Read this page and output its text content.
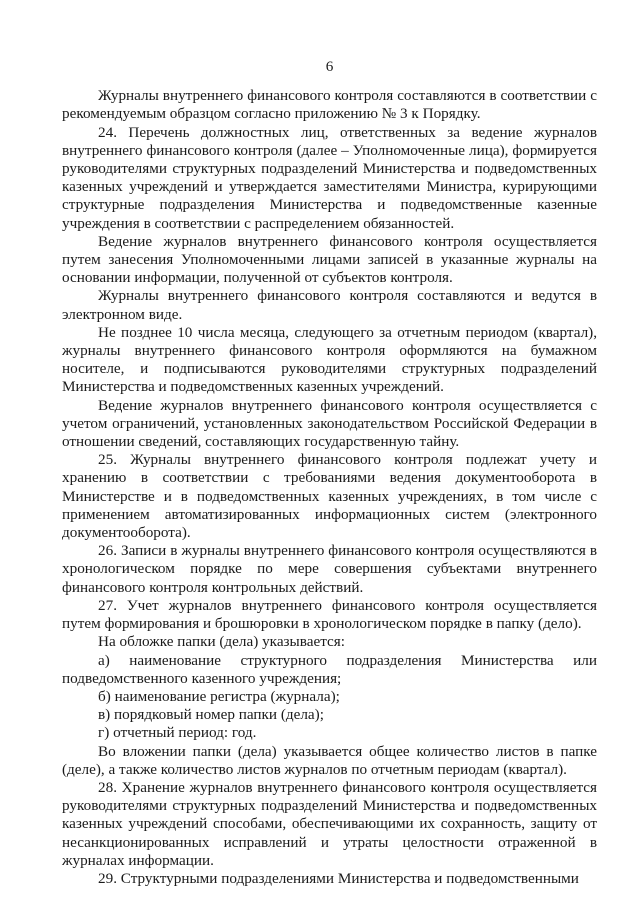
6

Журналы внутреннего финансового контроля составляются в соответствии с рекомендуемым образцом согласно приложению № 3 к Порядку.

24. Перечень должностных лиц, ответственных за ведение журналов внутреннего финансового контроля (далее – Уполномоченные лица), формируется руководителями структурных подразделений Министерства и подведомственных казенных учреждений и утверждается заместителями Министра, курирующими структурные подразделения Министерства и подведомственные казенные учреждения в соответствии с распределением обязанностей.

Ведение журналов внутреннего финансового контроля осуществляется путем занесения Уполномоченными лицами записей в указанные журналы на основании информации, полученной от субъектов контроля.

Журналы внутреннего финансового контроля составляются и ведутся в электронном виде.

Не позднее 10 числа месяца, следующего за отчетным периодом (квартал), журналы внутреннего финансового контроля оформляются на бумажном носителе, и подписываются руководителями структурных подразделений Министерства и подведомственных казенных учреждений.

Ведение журналов внутреннего финансового контроля осуществляется с учетом ограничений, установленных законодательством Российской Федерации в отношении сведений, составляющих государственную тайну.

25. Журналы внутреннего финансового контроля подлежат учету и хранению в соответствии с требованиями ведения документооборота в Министерстве и в подведомственных казенных учреждениях, в том числе с применением автоматизированных информационных систем (электронного документооборота).

26. Записи в журналы внутреннего финансового контроля осуществляются в хронологическом порядке по мере совершения субъектами внутреннего финансового контроля контрольных действий.

27. Учет журналов внутреннего финансового контроля осуществляется путем формирования и брошюровки в хронологическом порядке в папку (дело).

На обложке папки (дела) указывается:

а) наименование структурного подразделения Министерства или

подведомственного казенного учреждения;

б) наименование регистра (журнала);

в) порядковый номер папки (дела);

г) отчетный период: год.

Во вложении папки (дела) указывается общее количество листов в папке (деле), а также количество листов журналов по отчетным периодам (квартал).

28. Хранение журналов внутреннего финансового контроля осуществляется руководителями структурных подразделений Министерства и подведомственных казенных учреждений способами, обеспечивающими их сохранность, защиту от несанкционированных исправлений и утраты целостности отраженной в журналах информации.

29. Структурными подразделениями Министерства и подведомственными
